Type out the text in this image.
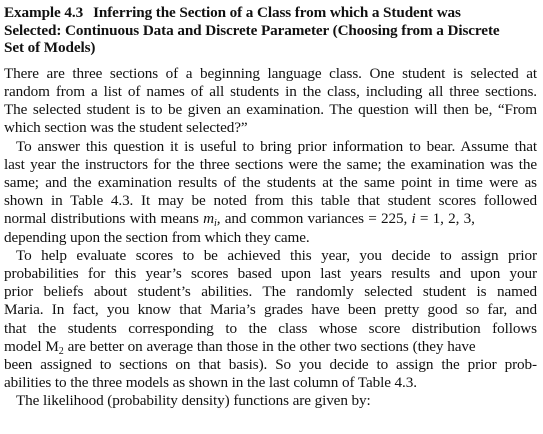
Example 4.3 Inferring the Section of a Class from which a Student was
Selected: Continuous Data and Discrete Parameter (Choosing from a Discrete
Set of Models)
There are three sections of a beginning language class. One student is selected at
random from a list of names of all students in the class, including all three sections.
The selected student is to be given an examination. The question will then be, “From
which section was the student selected?”
To answer this question it is useful to bring prior information to bear. Assume that
last year the instructors for the three sections were the same; the examination was the
same; and the examination results of the students at the same point in time were as
shown in Table 4.3. It may be noted from this table that student scores followed
normal distributions with means $m_i$, and common variances = 225, i = 1, 2, 3,
depending upon the section from which they came.
To help evaluate scores to be achieved this year, you decide to assign prior
probabilities for this year’s scores based upon last years results and upon your
prior beliefs about student’s abilities. The randomly selected student is named
Maria. In fact, you know that Maria’s grades have been pretty good so far, and
that the students corresponding to the class whose score distribution follows
model $M_2$ are better on average than those in the other two sections (they have
been assigned to sections on that basis). So you decide to assign the prior prob-
abilities to the three models as shown in the last column of Table 4.3.
The likelihood (probability density) functions are given by:
